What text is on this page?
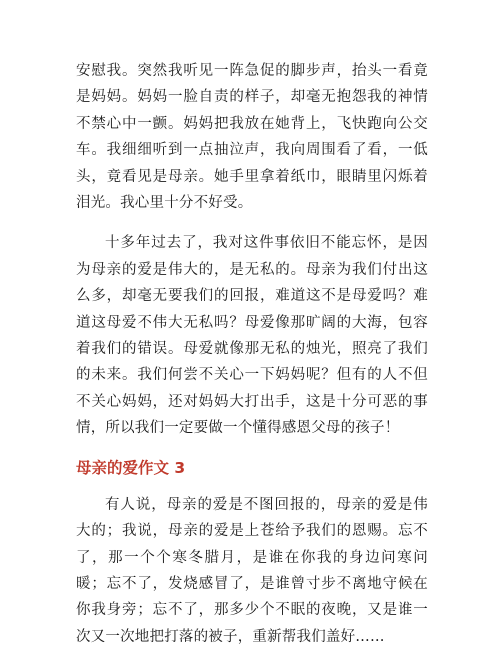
安慰我。突然我听见一阵急促的脚步声，抬头一看竟是妈妈。妈妈一脸自责的样子，却毫无抱怨我的神情不禁心中一颤。妈妈把我放在她背上，飞快跑向公交车。我细细听到一点抽泣声，我向周围看了看，一低头，竟看见是母亲。她手里拿着纸巾，眼睛里闪烁着泪光。我心里十分不好受。

十多年过去了，我对这件事依旧不能忘怀，是因为母亲的爱是伟大的，是无私的。母亲为我们付出这么多，却毫无要我们的回报，难道这不是母爱吗？难道这母爱不伟大无私吗？母爱像那旷阔的大海，包容着我们的错误。母爱就像那无私的烛光，照亮了我们的未来。我们何尝不关心一下妈妈呢？但有的人不但不关心妈妈，还对妈妈大打出手，这是十分可恶的事情，所以我们一定要做一个懂得感恩父母的孩子！

母亲的爱作文 3

有人说，母亲的爱是不图回报的，母亲的爱是伟大的；我说，母亲的爱是上苍给予我们的恩赐。忘不了，那一个个寒冬腊月，是谁在你我的身边问寒问暖；忘不了，发烧感冒了，是谁曾寸步不离地守候在你我身旁；忘不了，那多少个不眠的夜晚，又是谁一次又一次地把打落的被子，重新帮我们盖好……
